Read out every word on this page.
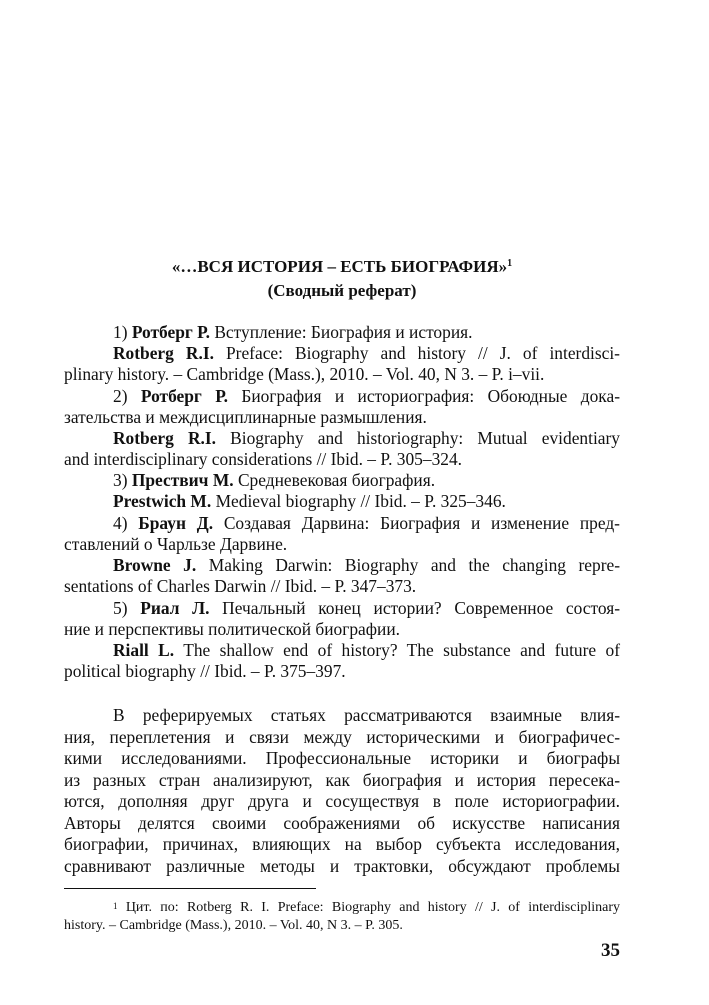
«…ВСЯ ИСТОРИЯ – ЕСТЬ БИОГРАФИЯ»$^1$
(Сводный реферат)
1) Ротберг Р. Вступление: Биография и история.
Rotberg R.I. Preface: Biography and history // J. of interdisci-
plinary history. – Cambridge (Mass.), 2010. – Vol. 40, N 3. – P. i–vii.
2) Ротберг Р. Биография и историография: Обоюдные дока-
зательства и междисциплинарные размышления.
Rotberg R.I. Biography and historiography: Mutual evidentiary
and interdisciplinary considerations // Ibid. – P. 305–324.
3) Прествич М. Средневековая биография.
Prestwich M. Medieval biography // Ibid. – P. 325–346.
4) Браун Д. Создавая Дарвина: Биография и изменение пред-
ставлений о Чарльзе Дарвине.
Browne J. Making Darwin: Biography and the changing repre-
sentations of Charles Darwin // Ibid. – P. 347–373.
5) Риал Л. Печальный конец истории? Современное состоя-
ние и перспективы политической биографии.
Riall L. The shallow end of history? The substance and future of
political biography // Ibid. – P. 375–397.
В реферируемых статьях рассматриваются взаимные влия-
ния, переплетения и связи между историческими и биографичес-
кими исследованиями. Профессиональные историки и биографы
из разных стран анализируют, как биография и история пересека-
ются, дополняя друг друга и сосуществуя в поле историографии.
Авторы делятся своими соображениями об искусстве написания
биографии, причинах, влияющих на выбор субъекта исследования,
сравнивают различные методы и трактовки, обсуждают проблемы
$^1$ Цит. по: Rotberg R. I. Preface: Biography and history // J. of interdisciplinary
history. – Cambridge (Mass.), 2010. – Vol. 40, N 3. – P. 305.
35
